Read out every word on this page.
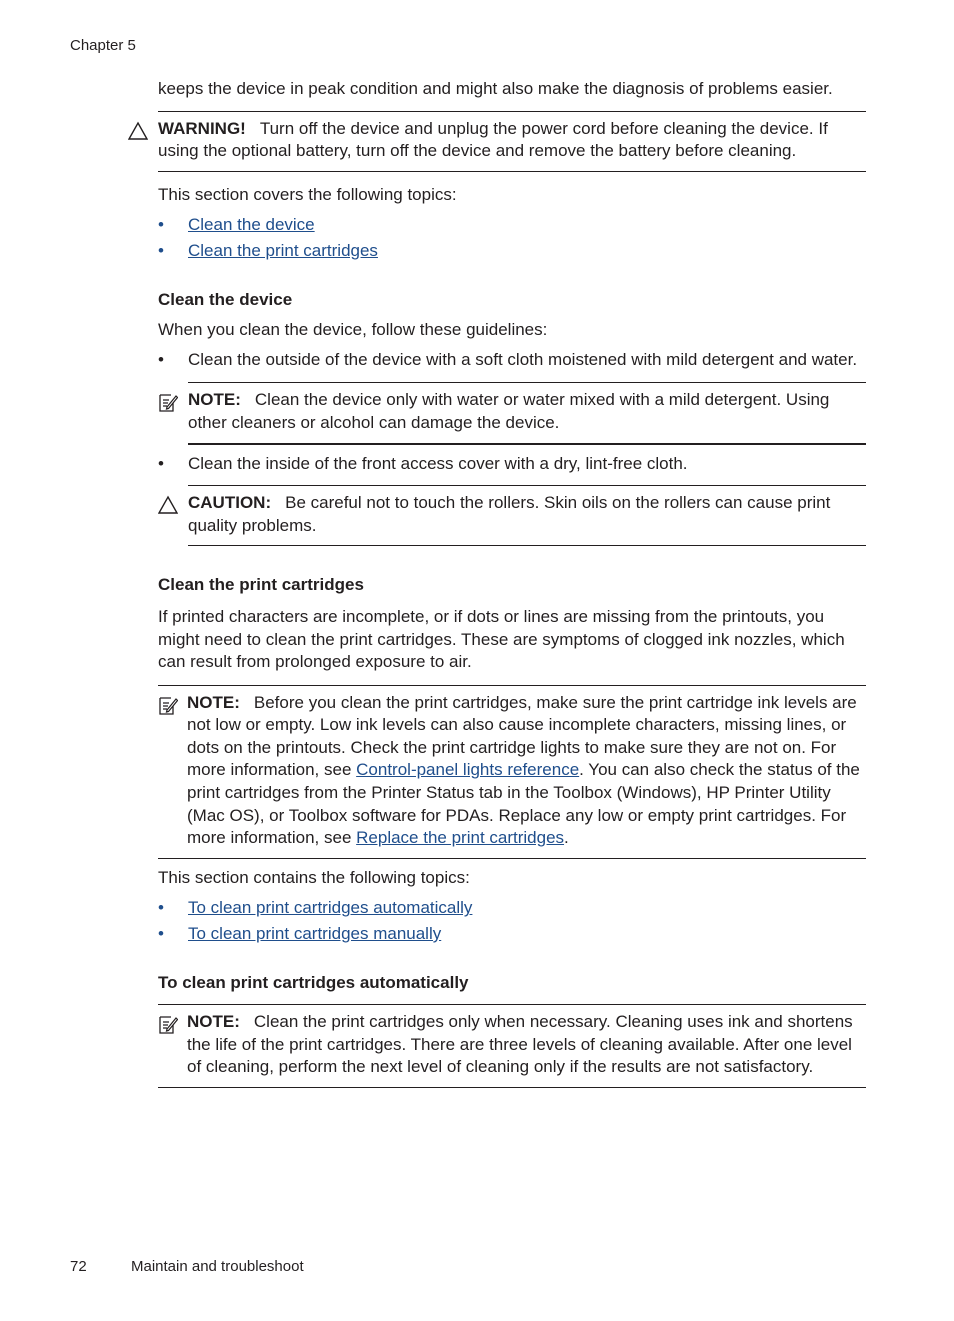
Chapter 5

keeps the device in peak condition and might also make the diagnosis of problems easier.

WARNING! Turn off the device and unplug the power cord before cleaning the device. If using the optional battery, turn off the device and remove the battery before cleaning.

This section covers the following topics:

• Clean the device
• Clean the print cartridges
Clean the device

When you clean the device, follow these guidelines:

• Clean the outside of the device with a soft cloth moistened with mild detergent and water.

NOTE: Clean the device only with water or water mixed with a mild detergent. Using other cleaners or alcohol can damage the device.

• Clean the inside of the front access cover with a dry, lint-free cloth.

CAUTION: Be careful not to touch the rollers. Skin oils on the rollers can cause print quality problems.

Clean the print cartridges

If printed characters are incomplete, or if dots or lines are missing from the printouts, you might need to clean the print cartridges. These are symptoms of clogged ink nozzles, which can result from prolonged exposure to air.

NOTE: Before you clean the print cartridges, make sure the print cartridge ink levels are not low or empty. Low ink levels can also cause incomplete characters, missing lines, or dots on the printouts. Check the print cartridge lights to make sure they are not on. For more information, see Control-panel lights reference. You can also check the status of the print cartridges from the Printer Status tab in the Toolbox (Windows), HP Printer Utility (Mac OS), or Toolbox software for PDAs. Replace any low or empty print cartridges. For more information, see Replace the print cartridges.

This section contains the following topics:

• To clean print cartridges automatically
• To clean print cartridges manually
To clean print cartridges automatically

NOTE: Clean the print cartridges only when necessary. Cleaning uses ink and shortens the life of the print cartridges. There are three levels of cleaning available. After one level of cleaning, perform the next level of cleaning only if the results are not satisfactory.

72	Maintain and troubleshoot
